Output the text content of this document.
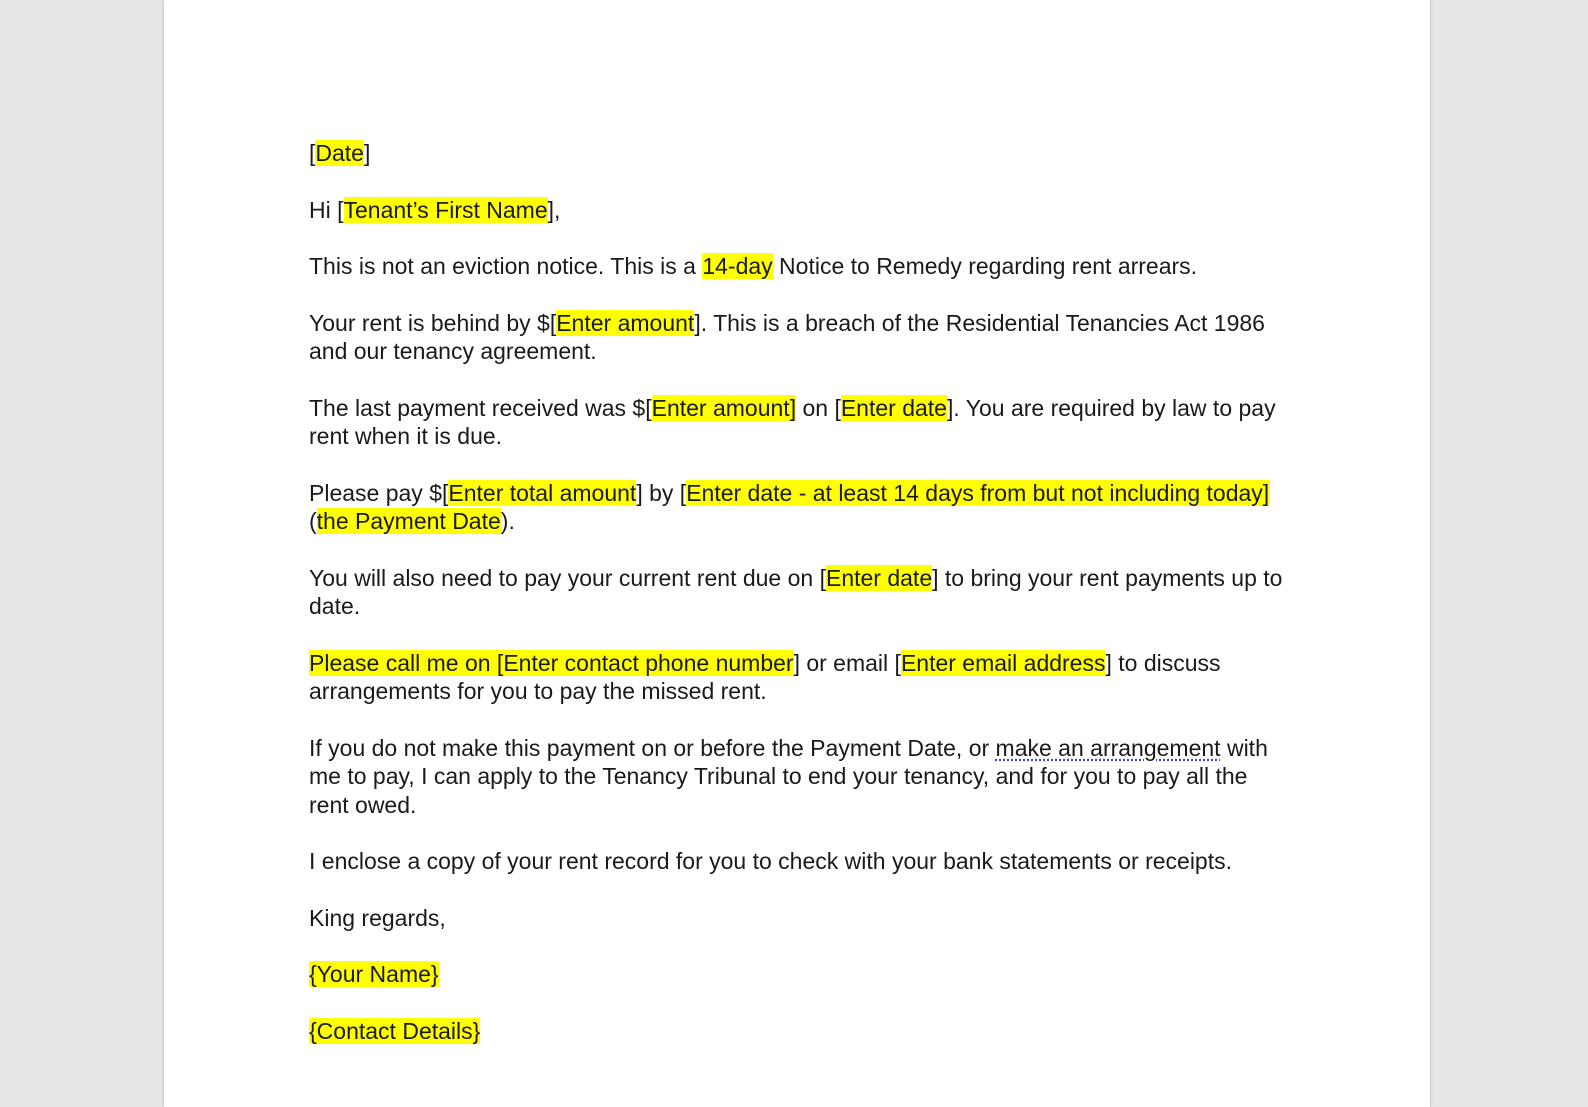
[Date]

Hi [Tenant’s First Name],

This is not an eviction notice. This is a 14-day Notice to Remedy regarding rent arrears.

Your rent is behind by $[Enter amount]. This is a breach of the Residential Tenancies Act 1986 and our tenancy agreement.

The last payment received was $[Enter amount] on [Enter date]. You are required by law to pay rent when it is due.

Please pay $[Enter total amount] by [Enter date - at least 14 days from but not including today] (the Payment Date).

You will also need to pay your current rent due on [Enter date] to bring your rent payments up to date.

Please call me on [Enter contact phone number] or email [Enter email address] to discuss arrangements for you to pay the missed rent.

If you do not make this payment on or before the Payment Date, or make an arrangement with me to pay, I can apply to the Tenancy Tribunal to end your tenancy, and for you to pay all the rent owed.

I enclose a copy of your rent record for you to check with your bank statements or receipts.

King regards,

{Your Name}

{Contact Details}
